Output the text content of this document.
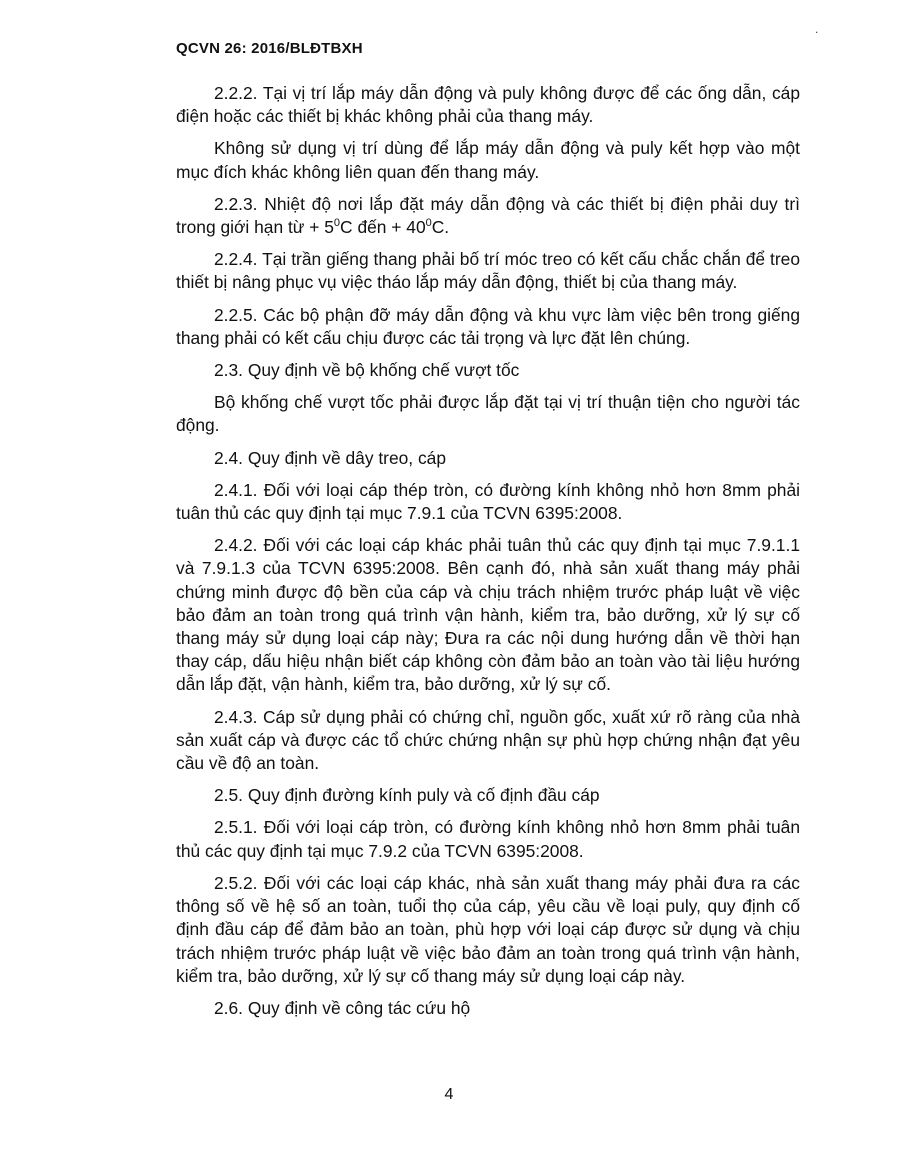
QCVN 26: 2016/BLĐTBXH
.

2.2.2. Tại vị trí lắp máy dẫn động và puly không được để các ống dẫn, cáp điện hoặc các thiết bị khác không phải của thang máy.

Không sử dụng vị trí dùng để lắp máy dẫn động và puly kết hợp vào một mục đích khác không liên quan đến thang máy.

2.2.3. Nhiệt độ nơi lắp đặt máy dẫn động và các thiết bị điện phải duy trì trong giới hạn từ + $5^0C$ đến + $40^0C$.

2.2.4. Tại trần giếng thang phải bố trí móc treo có kết cấu chắc chắn để treo thiết bị nâng phục vụ việc tháo lắp máy dẫn động, thiết bị của thang máy.

2.2.5. Các bộ phận đỡ máy dẫn động và khu vực làm việc bên trong giếng thang phải có kết cấu chịu được các tải trọng và lực đặt lên chúng.

2.3. Quy định về bộ khống chế vượt tốc

Bộ khống chế vượt tốc phải được lắp đặt tại vị trí thuận tiện cho người tác động.

2.4. Quy định về dây treo, cáp

2.4.1. Đối với loại cáp thép tròn, có đường kính không nhỏ hơn 8mm phải tuân thủ các quy định tại mục 7.9.1 của TCVN 6395:2008.

2.4.2. Đối với các loại cáp khác phải tuân thủ các quy định tại mục 7.9.1.1 và 7.9.1.3 của TCVN 6395:2008. Bên cạnh đó, nhà sản xuất thang máy phải chứng minh được độ bền của cáp và chịu trách nhiệm trước pháp luật về việc bảo đảm an toàn trong quá trình vận hành, kiểm tra, bảo dưỡng, xử lý sự cố thang máy sử dụng loại cáp này; Đưa ra các nội dung hướng dẫn về thời hạn thay cáp, dấu hiệu nhận biết cáp không còn đảm bảo an toàn vào tài liệu hướng dẫn lắp đặt, vận hành, kiểm tra, bảo dưỡng, xử lý sự cố.

2.4.3. Cáp sử dụng phải có chứng chỉ, nguồn gốc, xuất xứ rõ ràng của nhà sản xuất cáp và được các tổ chức chứng nhận sự phù hợp chứng nhận đạt yêu cầu về độ an toàn.

2.5. Quy định đường kính puly và cố định đầu cáp

2.5.1. Đối với loại cáp tròn, có đường kính không nhỏ hơn 8mm phải tuân thủ các quy định tại mục 7.9.2 của TCVN 6395:2008.

2.5.2. Đối với các loại cáp khác, nhà sản xuất thang máy phải đưa ra các thông số về hệ số an toàn, tuổi thọ của cáp, yêu cầu về loại puly, quy định cố định đầu cáp để đảm bảo an toàn, phù hợp với loại cáp được sử dụng và chịu trách nhiệm trước pháp luật về việc bảo đảm an toàn trong quá trình vận hành, kiểm tra, bảo dưỡng, xử lý sự cố thang máy sử dụng loại cáp này.

2.6. Quy định về công tác cứu hộ

4
